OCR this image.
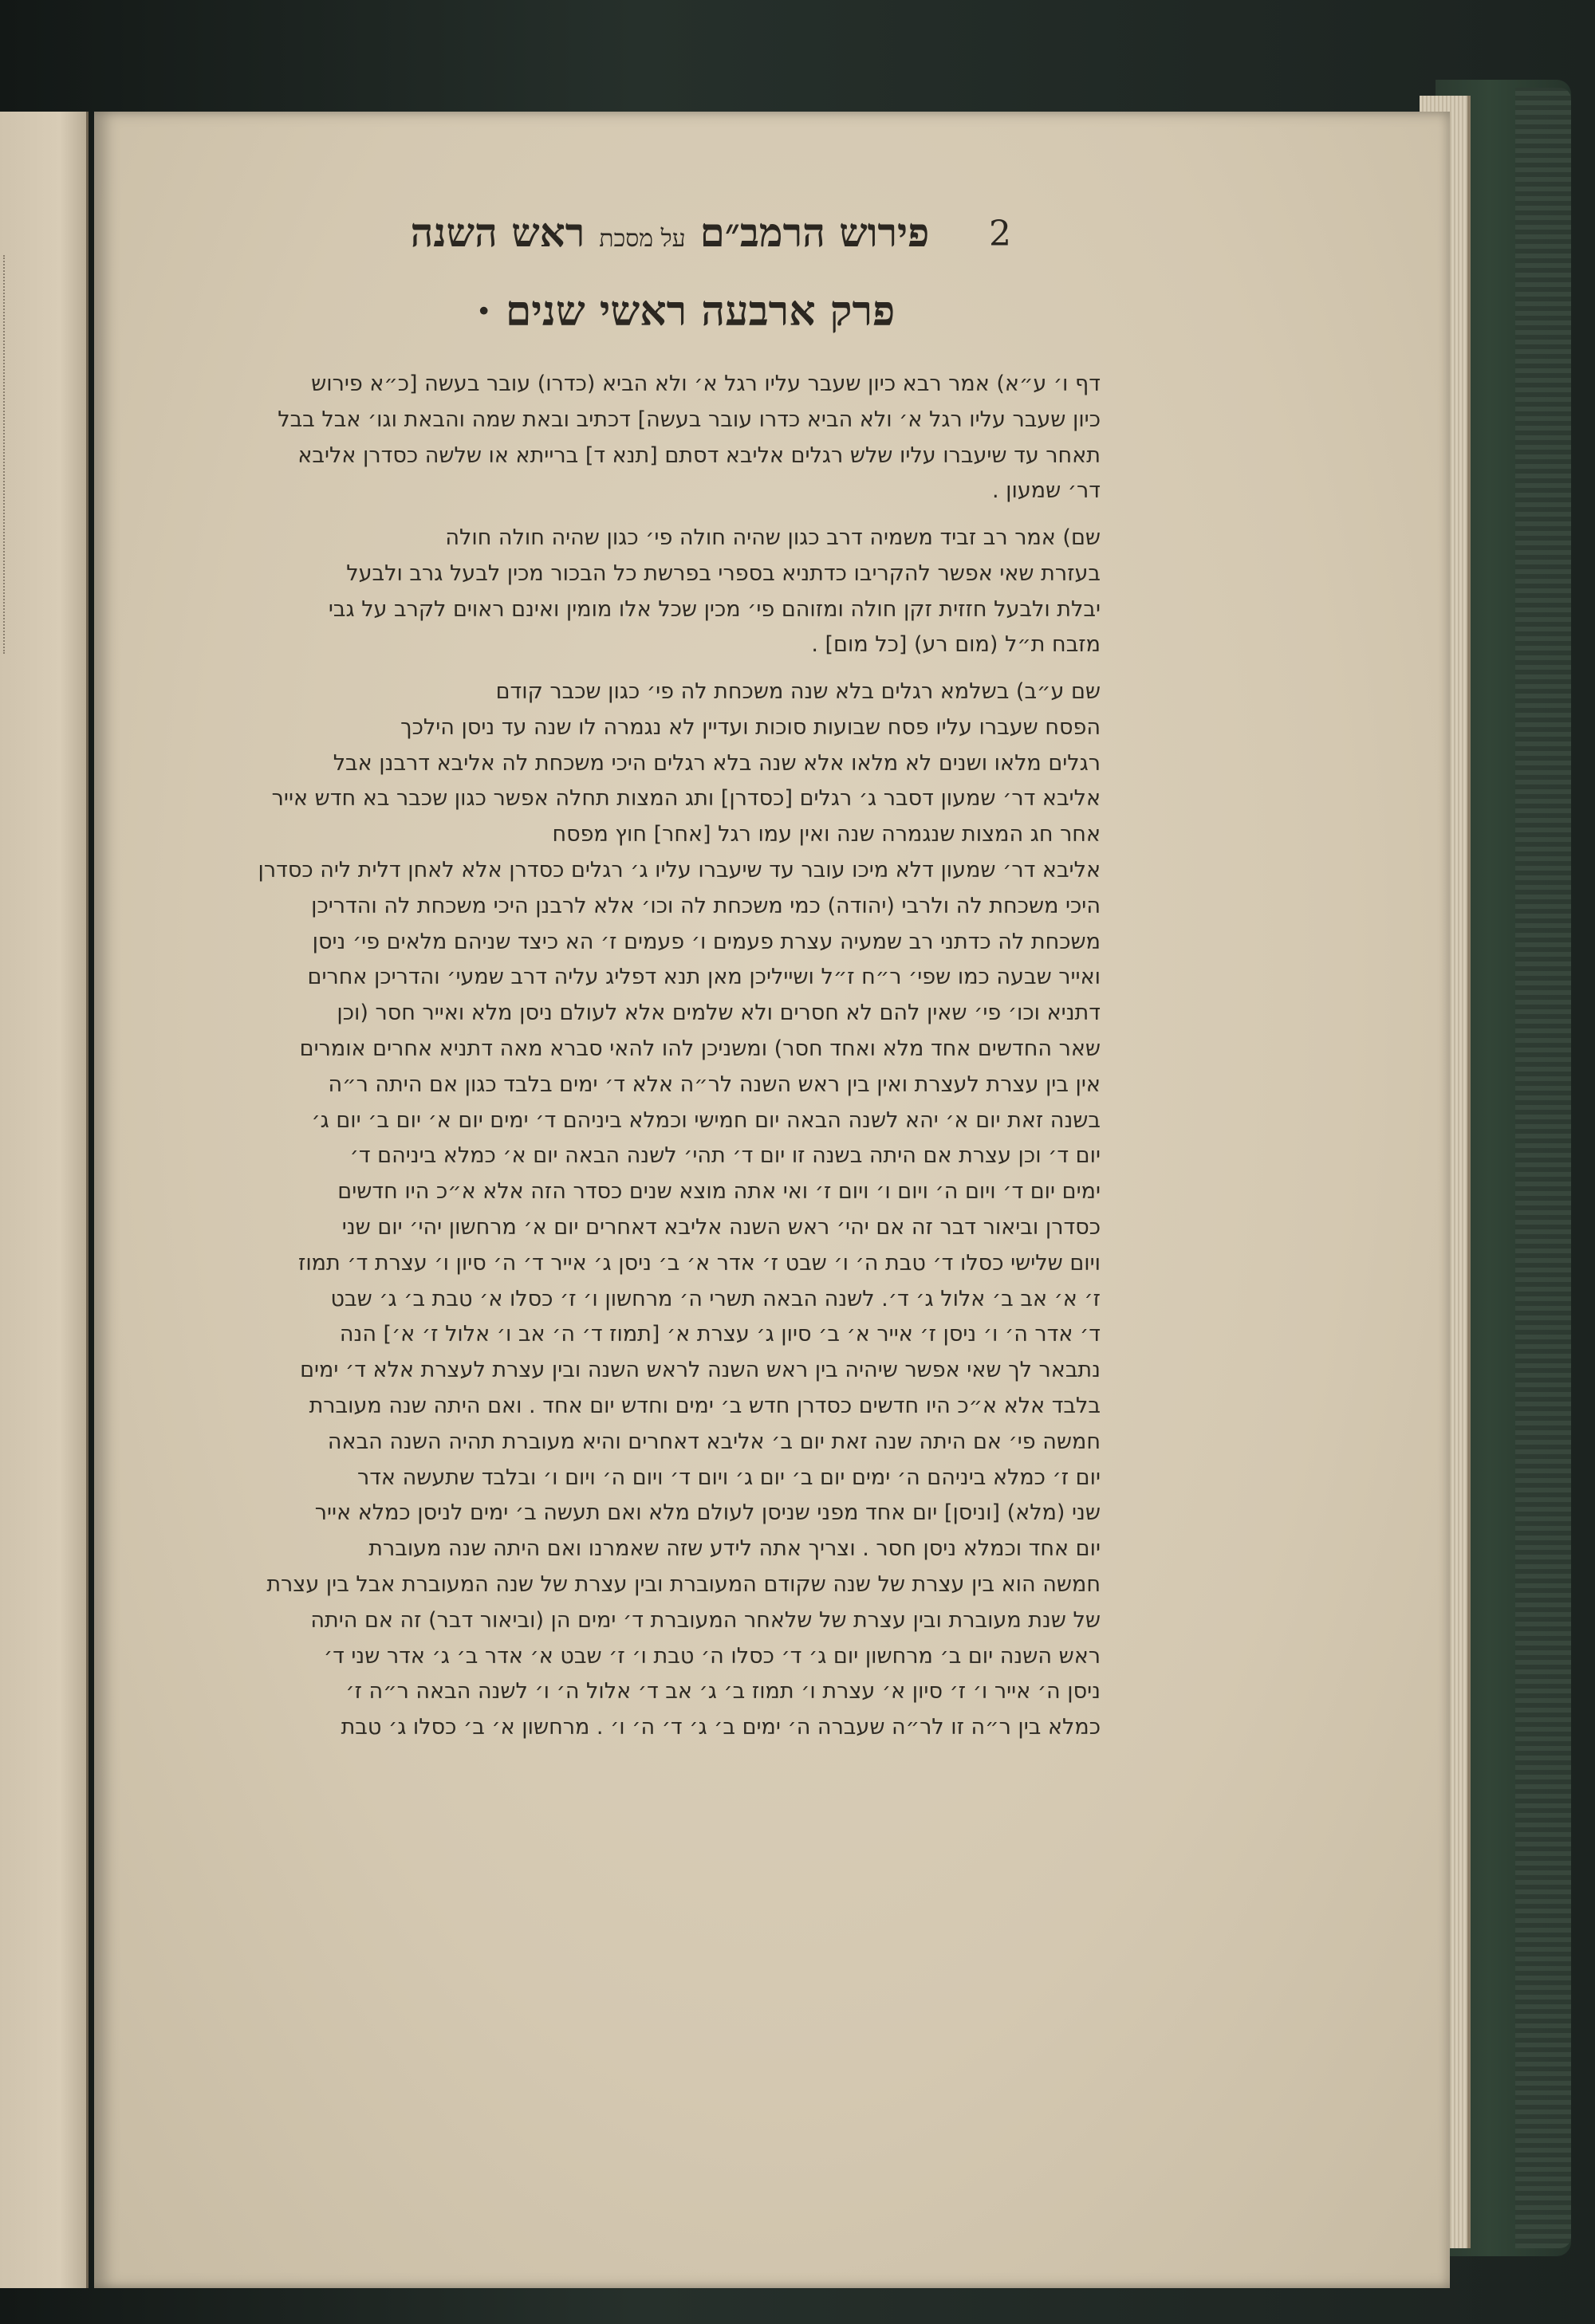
2
פירוש הרמב״ם
על מסכת
ראש השנה
פרק ארבעה ראשי שנים ·
דף ו׳ ע״א) אמר רבא כיון שעבר עליו רגל א׳ ולא הביא (כדרו) עובר בעשה [כ״א פירוש
כיון שעבר עליו רגל א׳ ולא הביא כדרו עובר בעשה] דכתיב ובאת שמה והבאת וגו׳ אבל בבל
תאחר עד שיעברו עליו שלש רגלים אליבא דסתם [תנא ד] ברייתא או שלשה כסדרן אליבא
דר׳ שמעון .
שם) אמר רב זביד משמיה דרב כגון שהיה חולה פי׳ כגון שהיה חולה חולה
בעזרת שאי אפשר להקריבו כדתניא בספרי בפרשת כל הבכור מכין לבעל גרב ולבעל
יבלת ולבעל חזזית זקן חולה ומזוהם פי׳ מכין שכל אלו מומין ואינם ראוים לקרב על גבי
מזבח ת״ל (מום רע) [כל מום] .
שם ע״ב) בשלמא רגלים בלא שנה משכחת לה פי׳ כגון שכבר קודם
הפסח שעברו עליו פסח שבועות סוכות ועדיין לא נגמרה לו שנה עד ניסן הילכך
רגלים מלאו ושנים לא מלאו אלא שנה בלא רגלים היכי משכחת לה אליבא דרבנן אבל
אליבא דר׳ שמעון דסבר ג׳ רגלים [כסדרן] ותג המצות תחלה אפשר כגון שכבר בא חדש אייר
אחר חג המצות שנגמרה שנה ואין עמו רגל [אחר] חוץ מפסח
אליבא דר׳ שמעון דלא מיכו עובר עד שיעברו עליו ג׳ רגלים כסדרן אלא לאחן דלית ליה כסדרן
היכי משכחת לה ולרבי (יהודה) כמי משכחת לה וכו׳ אלא לרבנן היכי משכחת לה והדריכן
משכחת לה כדתני רב שמעיה עצרת פעמים ו׳ פעמים ז׳ הא כיצד שניהם מלאים פי׳ ניסן
ואייר שבעה כמו שפי׳ ר״ח ז״ל ושייליכן מאן תנא דפליג עליה דרב שמעי׳ והדריכן אחרים
דתניא וכו׳ פי׳ שאין להם לא חסרים ולא שלמים אלא לעולם ניסן מלא ואייר חסר (וכן
שאר החדשים אחד מלא ואחד חסר) ומשניכן להו להאי סברא מאה דתניא אחרים אומרים
אין בין עצרת לעצרת ואין בין ראש השנה לר״ה אלא ד׳ ימים בלבד כגון אם היתה ר״ה
בשנה זאת יום א׳ יהא לשנה הבאה יום חמישי וכמלא ביניהם ד׳ ימים יום א׳ יום ב׳ יום ג׳
יום ד׳ וכן עצרת אם היתה בשנה זו יום ד׳ תהי׳ לשנה הבאה יום א׳ כמלא ביניהם ד׳
ימים יום ד׳ ויום ה׳ ויום ו׳ ויום ז׳ ואי אתה מוצא שנים כסדר הזה אלא א״כ היו חדשים
כסדרן וביאור דבר זה אם יהי׳ ראש השנה אליבא דאחרים יום א׳ מרחשון יהי׳ יום שני
ויום שלישי כסלו ד׳ טבת ה׳ ו׳ שבט ז׳ אדר א׳ ב׳ ניסן ג׳ אייר ד׳ ה׳ סיון ו׳ עצרת ד׳ תמוז
ז׳ א׳ אב ב׳ אלול ג׳ ד׳. לשנה הבאה תשרי ה׳ מרחשון ו׳ ז׳ כסלו א׳ טבת ב׳ ג׳ שבט
ד׳ אדר ה׳ ו׳ ניסן ז׳ אייר א׳ ב׳ סיון ג׳ עצרת א׳ [תמוז ד׳ ה׳ אב ו׳ אלול ז׳ א׳] הנה
נתבאר לך שאי אפשר שיהיה בין ראש השנה לראש השנה ובין עצרת לעצרת אלא ד׳ ימים
בלבד אלא א״כ היו חדשים כסדרן חדש ב׳ ימים וחדש יום אחד . ואם היתה שנה מעוברת
חמשה פי׳ אם היתה שנה זאת יום ב׳ אליבא דאחרים והיא מעוברת תהיה השנה הבאה
יום ז׳ כמלא ביניהם ה׳ ימים יום ב׳ יום ג׳ ויום ד׳ ויום ה׳ ויום ו׳ ובלבד שתעשה אדר
שני (מלא) [וניסן] יום אחד מפני שניסן לעולם מלא ואם תעשה ב׳ ימים לניסן כמלא אייר
יום אחד וכמלא ניסן חסר . וצריך אתה לידע שזה שאמרנו ואם היתה שנה מעוברת
חמשה הוא בין עצרת של שנה שקודם המעוברת ובין עצרת של שנה המעוברת אבל בין עצרת
של שנת מעוברת ובין עצרת של שלאחר המעוברת ד׳ ימים הן (וביאור דבר) זה אם היתה
ראש השנה יום ב׳ מרחשון יום ג׳ ד׳ כסלו ה׳ טבת ו׳ ז׳ שבט א׳ אדר ב׳ ג׳ אדר שני ד׳
ניסן ה׳ אייר ו׳ ז׳ סיון א׳ עצרת ו׳ תמוז ב׳ ג׳ אב ד׳ אלול ה׳ ו׳ לשנה הבאה ר״ה ז׳
כמלא בין ר״ה זו לר״ה שעברה ה׳ ימים ב׳ ג׳ ד׳ ה׳ ו׳ . מרחשון א׳ ב׳ כסלו ג׳ טבת
